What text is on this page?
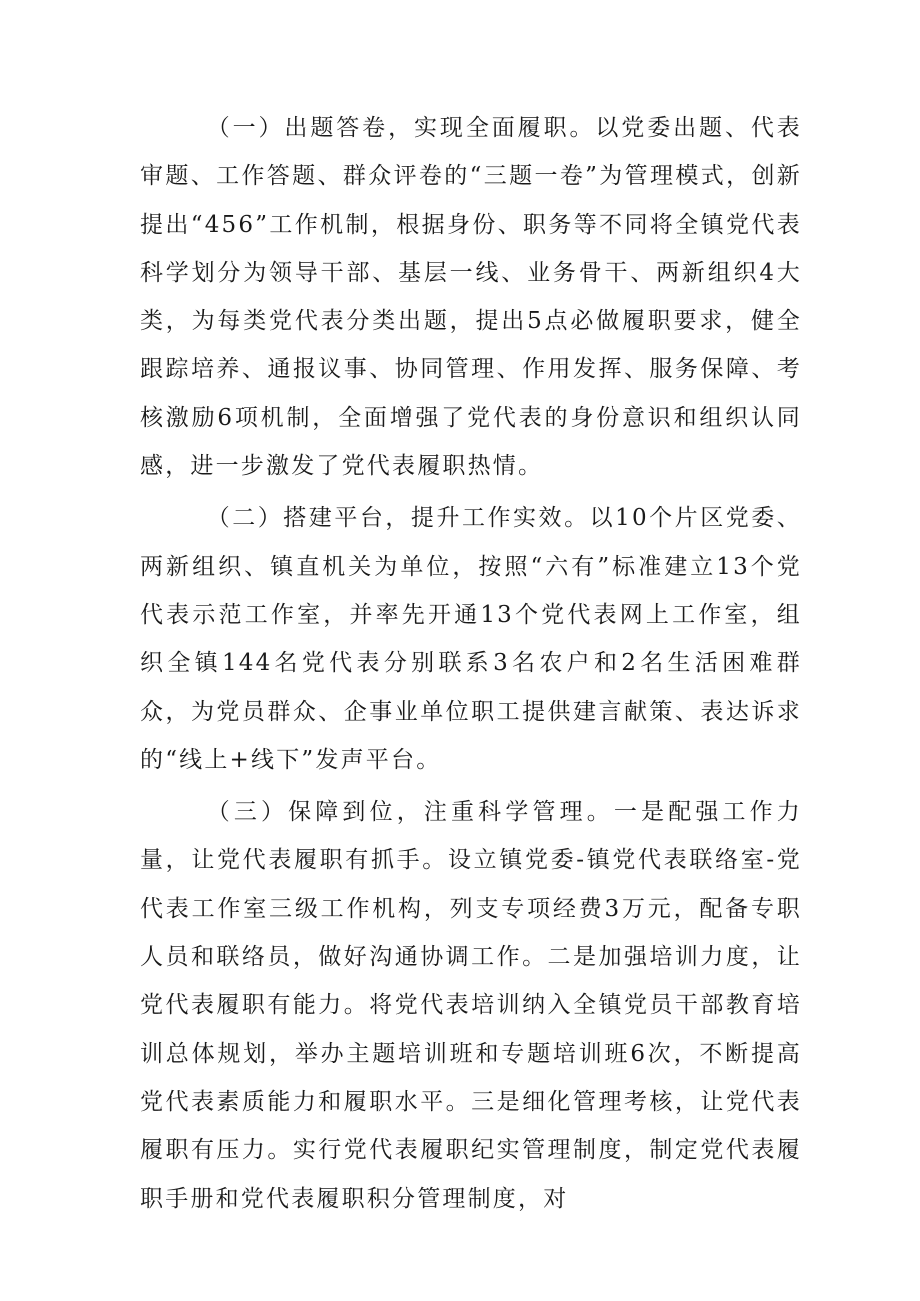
（一）出题答卷，实现全面履职。以党委出题、代表审题、工作答题、群众评卷的“三题一卷”为管理模式，创新提出“456”工作机制，根据身份、职务等不同将全镇党代表科学划分为领导干部、基层一线、业务骨干、两新组织4大类，为每类党代表分类出题，提出5点必做履职要求，健全跟踪培养、通报议事、协同管理、作用发挥、服务保障、考核激励6项机制，全面增强了党代表的身份意识和组织认同感，进一步激发了党代表履职热情。

（二）搭建平台，提升工作实效。以10个片区党委、两新组织、镇直机关为单位，按照“六有”标准建立13个党代表示范工作室，并率先开通13个党代表网上工作室，组织全镇144名党代表分别联系3名农户和2名生活困难群众，为党员群众、企事业单位职工提供建言献策、表达诉求的“线上+线下”发声平台。

（三）保障到位，注重科学管理。一是配强工作力量，让党代表履职有抓手。设立镇党委-镇党代表联络室-党代表工作室三级工作机构，列支专项经费3万元，配备专职人员和联络员，做好沟通协调工作。二是加强培训力度，让党代表履职有能力。将党代表培训纳入全镇党员干部教育培训总体规划，举办主题培训班和专题培训班6次，不断提高党代表素质能力和履职水平。三是细化管理考核，让党代表履职有压力。实行党代表履职纪实管理制度，制定党代表履职手册和党代表履职积分管理制度，对
